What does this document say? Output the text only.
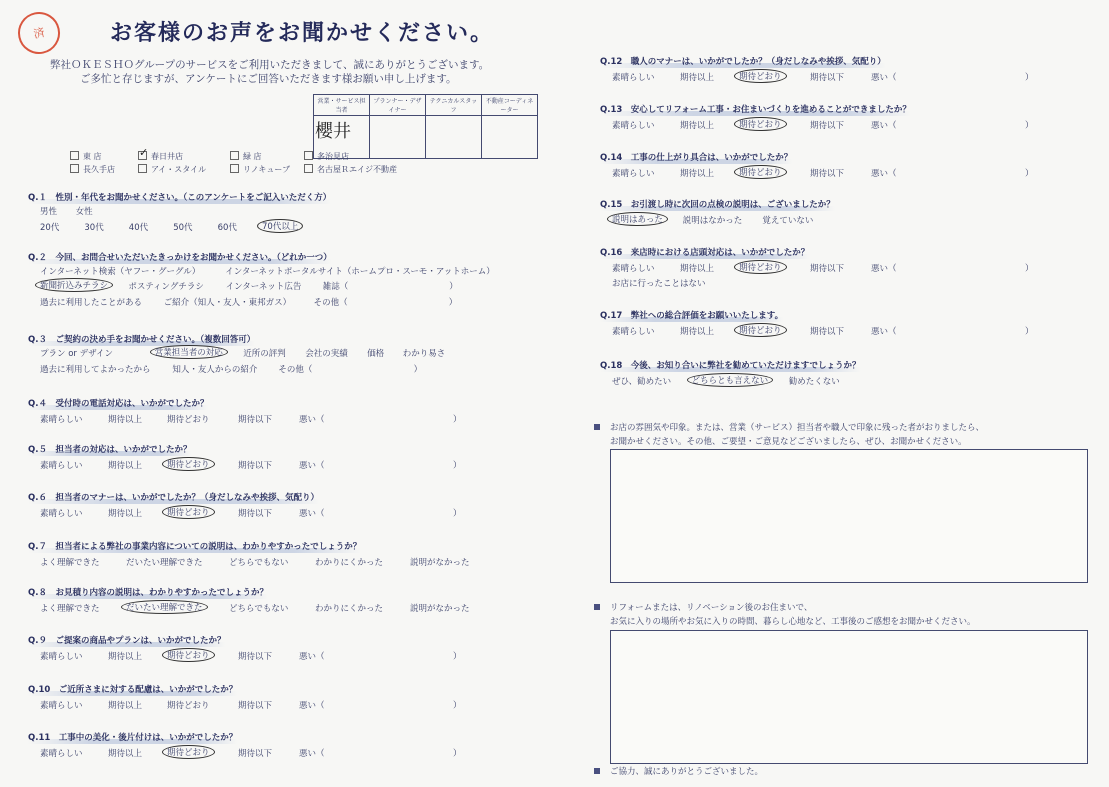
済	お客様のお声をお聞かせください。
弊社ＯＫＥＳＨＯグループのサービスをご利用いただきまして、誠にありがとうございます。
ご多忙と存じますが、アンケートにご回答いただきます様お願い申し上げます。
営業・サービス担当者	プランナー・デザイナー	テクニカルスタッフ	不動産コーディネーター
櫻井			
東 店 ✓	春日井店	緑 店	多治見店
長久手店	アイ・スタイル	リノキューブ	名古屋Ｒエイジ不動産
Q.１　性別・年代をお聞かせください。（このアンケートをご記入いただく方）
男性 女性
20代	30代	40代	50代	60代	70代以上
Q.２　今回、お問合せいただいたきっかけをお聞かせください。（どれか一つ）
インターネット検索（ヤフー・グーグル）	インターネットポータルサイト（ホームプロ・スーモ・アットホーム）
新聞折込みチラシ	ポスティングチラシ	インターネット広告	雑誌（	）
過去に利用したことがある	ご紹介（知人・友人・東邦ガス）	その他（	）
Q.３　ご契約の決め手をお聞かせください。（複数回答可）
プラン or デザイン	営業担当者の対応	近所の評判 会社の実績 価格 わかり易さ
過去に利用してよかったから	知人・友人からの紹介 その他（	）
Q.４　受付時の電話対応は、いかがでしたか？
素晴らしい	期待以上	期待どおり	期待以下	悪い（	）
Q.５　担当者の対応は、いかがでしたか？
素晴らしい	期待以上	期待どおり	期待以下	悪い（	）
Q.６　担当者のマナーは、いかがでしたか？（身だしなみや挨拶、気配り）
素晴らしい	期待以上	期待どおり	期待以下	悪い（	）
Q.７　担当者による弊社の事業内容についての説明は、わかりやすかったでしょうか？
よく理解できた	だいたい理解できた	どちらでもない	わかりにくかった	説明がなかった
Q.８　お見積り内容の説明は、わかりやすかったでしょうか？
よく理解できた	だいたい理解できた	どちらでもない	わかりにくかった	説明がなかった
Q.９　ご提案の商品やプランは、いかがでしたか？
素晴らしい	期待以上	期待どおり	期待以下	悪い（	）
Q.10　ご近所さまに対する配慮は、いかがでしたか？
素晴らしい	期待以上	期待どおり	期待以下	悪い（	）
Q.11　工事中の美化・後片付けは、いかがでしたか？
素晴らしい	期待以上	期待どおり	期待以下	悪い（	）
Q.12　職人のマナーは、いかがでしたか？（身だしなみや挨拶、気配り）
素晴らしい	期待以上	期待どおり	期待以下	悪い（	）
Q.13　安心してリフォーム工事・お住まいづくりを進めることができましたか？
素晴らしい	期待以上	期待どおり	期待以下	悪い（	）
Q.14　工事の仕上がり具合は、いかがでしたか？
素晴らしい	期待以上	期待どおり	期待以下	悪い（	）
Q.15　お引渡し時に次回の点検の説明は、ございましたか？
説明はあった	説明はなかった 覚えていない
Q.16　来店時における店頭対応は、いかがでしたか？
素晴らしい	期待以上	期待どおり	期待以下	悪い（	）
お店に行ったことはない
Q.17　弊社への総合評価をお願いいたします。
素晴らしい	期待以上	期待どおり	期待以下	悪い（	）
Q.18　今後、お知り合いに弊社を勧めていただけますでしょうか？
ぜひ、勧めたい	どちらとも言えない	勧めたくない
お店の雰囲気や印象。または、営業（サービス）担当者や職人で印象に残った者がおりましたら、
お聞かせください。その他、ご要望・ご意見などございましたら、ぜひ、お聞かせください。
リフォームまたは、リノベーション後のお住まいで、
お気に入りの場所やお気に入りの時間、暮らし心地など、工事後のご感想をお聞かせください。
ご協力、誠にありがとうございました。
